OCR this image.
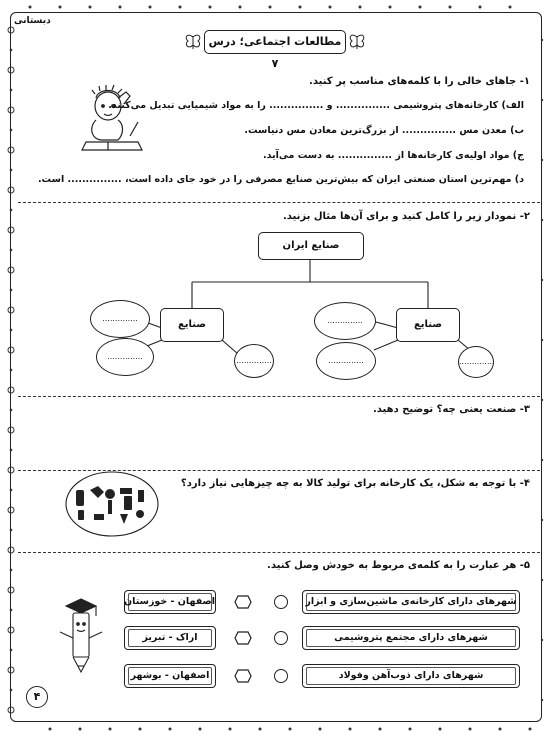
دبستانی
مطالعات اجتماعی؛ درس ۷
۱- جاهای خالی را با کلمه‌های مناسب پر کنید.
الف) کارخانه‌های پتروشیمی ............... و ............... را به مواد شیمیایی تبدیل می‌کنند.
ب) معدن مس ............... از بزرگ‌ترین معادن مس دنیاست.
ج) مواد اولیه‌ی کارخانه‌ها از ............... به دست می‌آید.
د) مهم‌ترین استان صنعتی ایران که بیش‌ترین صنایع مصرفی را در خود جای داده است، ............... است.
۲- نمودار زیر را کامل کنید و برای آن‌ها مثال بزنید.
صنایع ایران
صنایع	صنایع
..............
..............	..............
..............
..............	..............
۳- صنعت یعنی چه؟ توضیح دهید.
۴- با توجه به شکل، یک کارخانه برای تولید کالا به چه چیزهایی نیاز دارد؟
۵- هر عبارت را به کلمه‌ی مربوط به خودش وصل کنید.
اصفهان - خوزستان	شهرهای دارای کارخانه‌ی ماشین‌سازی و ابزار
اراک - تبریز	شهرهای دارای مجتمع پتروشیمی
اصفهان - بوشهر	شهرهای دارای ذوب‌آهن وفولاد
۴
